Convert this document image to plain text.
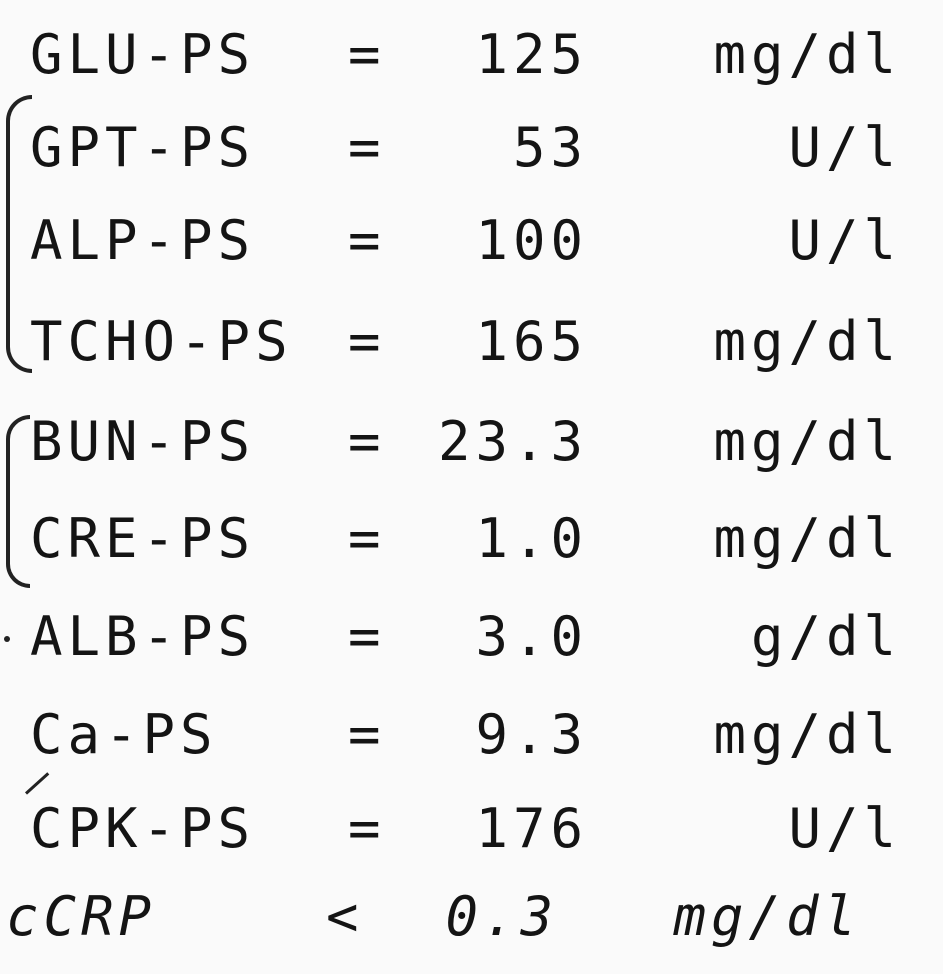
GLU-PS = 125 mg/dl
GPT-PS = 53	U/l
ALP-PS = 100	U/l
TCHO-PS = 165 mg/dl
BUN-PS = 23.3 mg/dl
CRE-PS = 1.0 mg/dl
ALB-PS = 3.0	g/dl
Ca-PS = 9.3 mg/dl
CPK-PS = 176	U/l
cCRP	< 0.3 mg/dl
